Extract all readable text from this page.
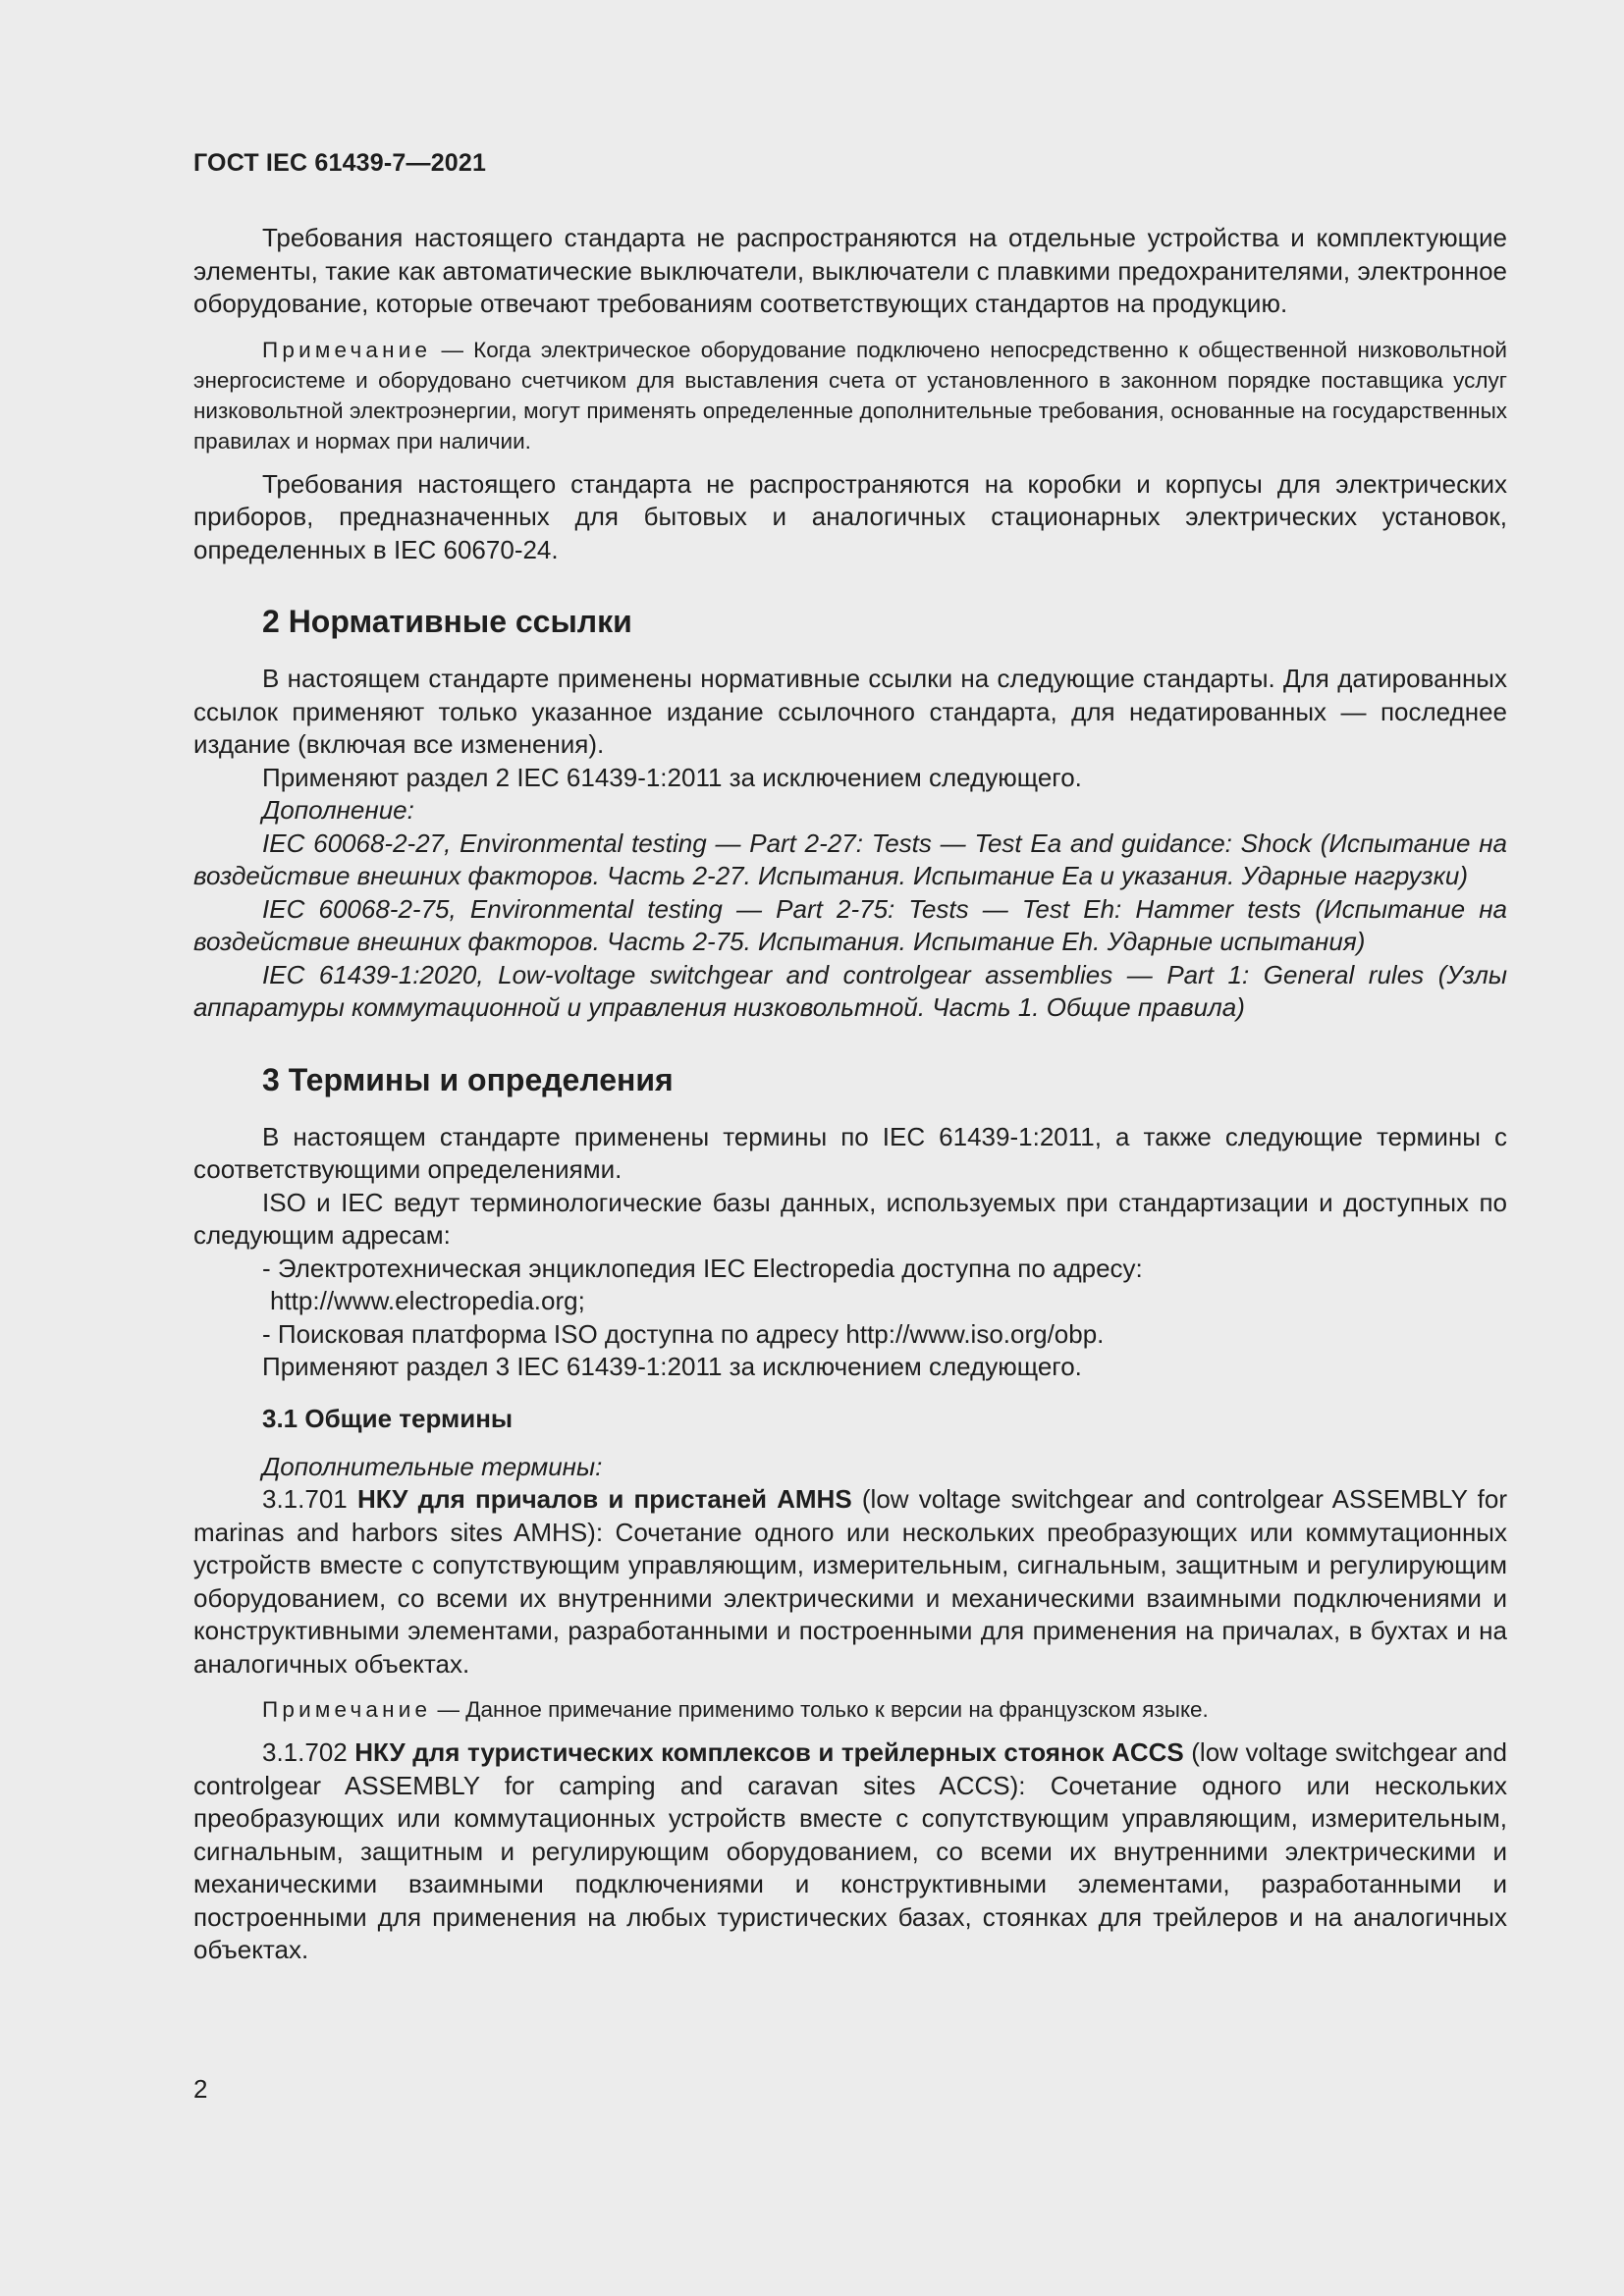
ГОСТ IEC 61439-7—2021

Требования настоящего стандарта не распространяются на отдельные устройства и комплектующие элементы, такие как автоматические выключатели, выключатели с плавкими предохранителями, электронное оборудование, которые отвечают требованиям соответствующих стандартов на продукцию.

Примечание — Когда электрическое оборудование подключено непосредственно к общественной низковольтной энергосистеме и оборудовано счетчиком для выставления счета от установленного в законном порядке поставщика услуг низковольтной электроэнергии, могут применять определенные дополнительные требования, основанные на государственных правилах и нормах при наличии.

Требования настоящего стандарта не распространяются на коробки и корпусы для электрических приборов, предназначенных для бытовых и аналогичных стационарных электрических установок, определенных в IEC 60670-24.

2 Нормативные ссылки

В настоящем стандарте применены нормативные ссылки на следующие стандарты. Для датированных ссылок применяют только указанное издание ссылочного стандарта, для недатированных — последнее издание (включая все изменения).

Применяют раздел 2 IEC 61439-1:2011 за исключением следующего.

Дополнение:

IEC 60068-2-27, Environmental testing — Part 2-27: Tests — Test Ea and guidance: Shock (Испытание на воздействие внешних факторов. Часть 2-27. Испытания. Испытание Ea и указания. Ударные нагрузки)

IEC 60068-2-75, Environmental testing — Part 2-75: Tests — Test Eh: Hammer tests (Испытание на воздействие внешних факторов. Часть 2-75. Испытания. Испытание Eh. Ударные испытания)

IEC 61439-1:2020, Low-voltage switchgear and controlgear assemblies — Part 1: General rules (Узлы аппаратуры коммутационной и управления низковольтной. Часть 1. Общие правила)

3 Термины и определения

В настоящем стандарте применены термины по IEC 61439-1:2011, а также следующие термины с соответствующими определениями.

ISO и IEC ведут терминологические базы данных, используемых при стандартизации и доступных по следующим адресам:

- Электротехническая энциклопедия IEC Electropedia доступна по адресу:

http://www.electropedia.org;

- Поисковая платформа ISO доступна по адресу http://www.iso.org/obp.

Применяют раздел 3 IEC 61439-1:2011 за исключением следующего.

3.1 Общие термины

Дополнительные термины:

3.1.701 НКУ для причалов и пристаней AMHS (low voltage switchgear and controlgear ASSEMBLY for marinas and harbors sites AMHS): Сочетание одного или нескольких преобразующих или коммутационных устройств вместе с сопутствующим управляющим, измерительным, сигнальным, защитным и регулирующим оборудованием, со всеми их внутренними электрическими и механическими взаимными подключениями и конструктивными элементами, разработанными и построенными для применения на причалах, в бухтах и на аналогичных объектах.

Примечание — Данное примечание применимо только к версии на французском языке.

3.1.702 НКУ для туристических комплексов и трейлерных стоянок ACCS (low voltage switchgear and controlgear ASSEMBLY for camping and caravan sites ACCS): Сочетание одного или нескольких преобразующих или коммутационных устройств вместе с сопутствующим управляющим, измерительным, сигнальным, защитным и регулирующим оборудованием, со всеми их внутренними электрическими и механическими взаимными подключениями и конструктивными элементами, разработанными и построенными для применения на любых туристических базах, стоянках для трейлеров и на аналогичных объектах.

2
